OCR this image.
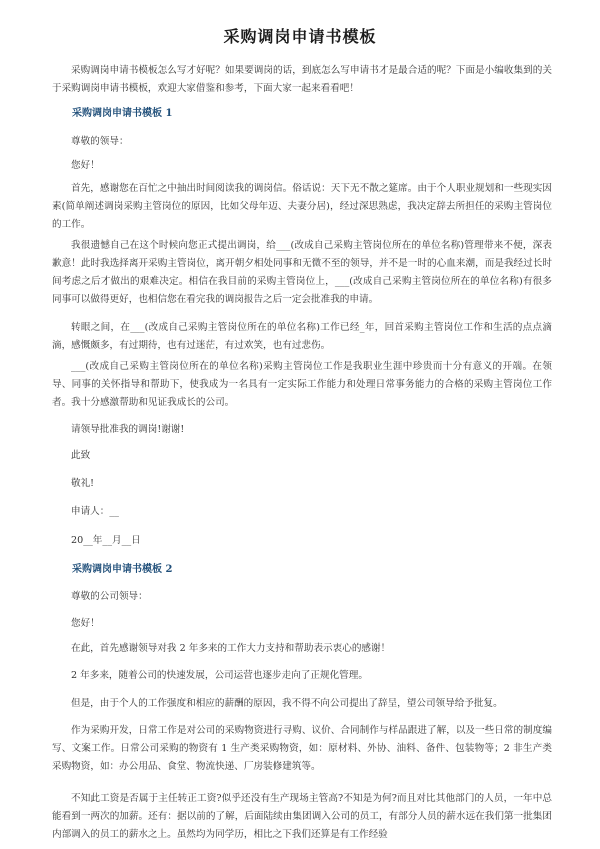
采购调岗申请书模板

采购调岗申请书模板怎么写才好呢？如果要调岗的话，到底怎么写申请书才是最合适的呢？下面是小编收集到的关于采购调岗申请书模板，欢迎大家借鉴和参考，下面大家一起来看看吧！

采购调岗申请书模板 1

尊敬的领导：

您好！

首先，感谢您在百忙之中抽出时间阅读我的调岗信。俗话说：天下无不散之筵席。由于个人职业规划和一些现实因素(简单阐述调岗采购主管岗位的原因，比如父母年迈、夫妻分居)，经过深思熟虑，我决定辞去所担任的采购主管岗位的工作。

我很遗憾自己在这个时候向您正式提出调岗，给___(改成自己采购主管岗位所在的单位名称)管理带来不便，深表歉意！此时我选择离开采购主管岗位，离开朝夕相处同事和无微不至的领导，并不是一时的心血来潮，而是我经过长时间考虑之后才做出的艰难决定。相信在我目前的采购主管岗位上，___(改成自己采购主管岗位所在的单位名称)有很多同事可以做得更好，也相信您在看完我的调岗报告之后一定会批准我的申请。

转眼之间，在___(改成自己采购主管岗位所在的单位名称)工作已经_年，回首采购主管岗位工作和生活的点点滴滴，感慨颇多，有过期待，也有过迷茫，有过欢笑，也有过悲伤。

___(改成自己采购主管岗位所在的单位名称)采购主管岗位工作是我职业生涯中珍贵而十分有意义的开端。在领导、同事的关怀指导和帮助下，使我成为一名具有一定实际工作能力和处理日常事务能力的合格的采购主管岗位工作者。我十分感激帮助和见证我成长的公司。

请领导批准我的调岗!谢谢!

此致

敬礼!

申请人：__

20__年__月__日

采购调岗申请书模板 2

尊敬的公司领导：

您好！

在此，首先感谢领导对我 2 年多来的工作大力支持和帮助表示衷心的感谢！

2 年多来，随着公司的快速发展，公司运营也逐步走向了正规化管理。

但是，由于个人的工作强度和相应的薪酬的原因，我不得不向公司提出了辞呈，望公司领导给予批复。

作为采购开发，日常工作是对公司的采购物资进行寻购、议价、合同制作与样品跟进了解，以及一些日常的制度编写、文案工作。日常公司采购的物资有 1 生产类采购物资，如：原材料、外协、油料、备件、包装物等；2 非生产类采购物资，如：办公用品、食堂、物流快递、厂房装修建筑等。

不知此工资是否属于主任转正工资?似乎还没有生产现场主管高?不知是为何?而且对比其他部门的人员，一年中总能看到一两次的加薪。还有：据以前的了解，后面陆续由集团调入公司的员工，有部分人员的薪水远在我们第一批集团内部调入的员工的薪水之上。虽然均为同学历，相比之下我们还算是有工作经验
